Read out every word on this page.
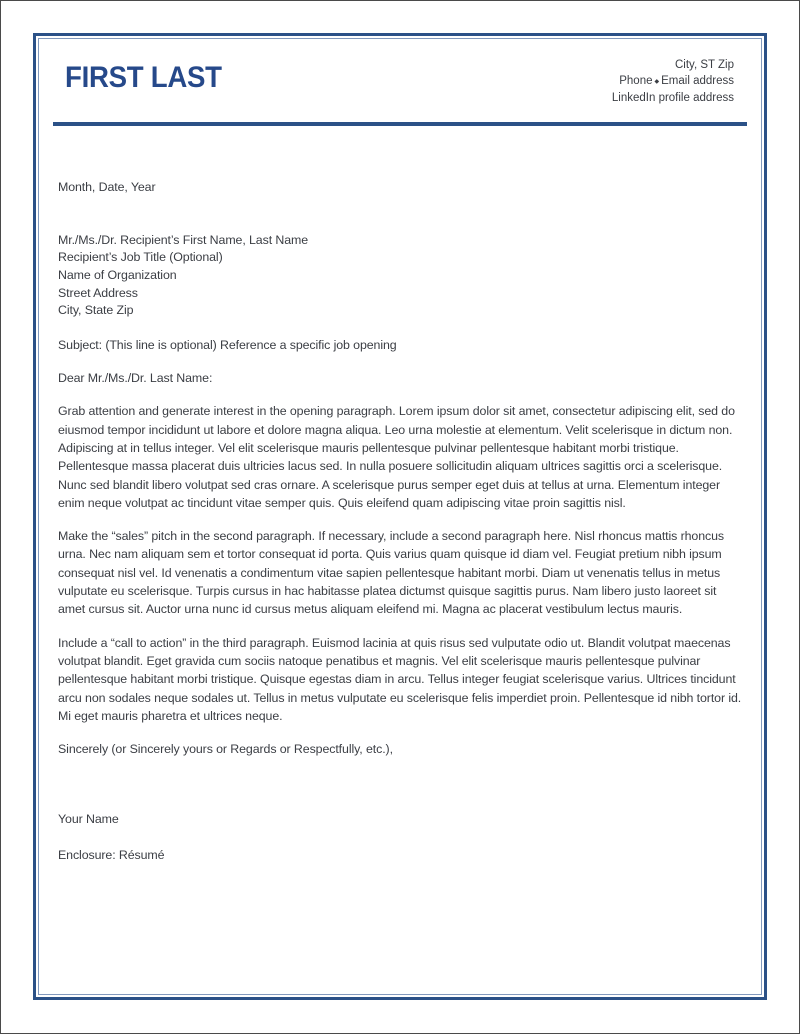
FIRST LAST	City, ST Zip
Phone ◆ Email address
LinkedIn profile address

Month, Date, Year

Mr./Ms./Dr. Recipient’s First Name, Last Name
Recipient’s Job Title (Optional)
Name of Organization
Street Address
City, State Zip

Subject: (This line is optional) Reference a specific job opening

Dear Mr./Ms./Dr. Last Name:

Grab attention and generate interest in the opening paragraph. Lorem ipsum dolor sit amet, consectetur adipiscing elit, sed do eiusmod tempor incididunt ut labore et dolore magna aliqua. Leo urna molestie at elementum. Velit scelerisque in dictum non. Adipiscing at in tellus integer. Vel elit scelerisque mauris pellentesque pulvinar pellentesque habitant morbi tristique. Pellentesque massa placerat duis ultricies lacus sed. In nulla posuere sollicitudin aliquam ultrices sagittis orci a scelerisque. Nunc sed blandit libero volutpat sed cras ornare. A scelerisque purus semper eget duis at tellus at urna. Elementum integer enim neque volutpat ac tincidunt vitae semper quis. Quis eleifend quam adipiscing vitae proin sagittis nisl.

Make the “sales” pitch in the second paragraph. If necessary, include a second paragraph here. Nisl rhoncus mattis rhoncus urna. Nec nam aliquam sem et tortor consequat id porta. Quis varius quam quisque id diam vel. Feugiat pretium nibh ipsum consequat nisl vel. Id venenatis a condimentum vitae sapien pellentesque habitant morbi. Diam ut venenatis tellus in metus vulputate eu scelerisque. Turpis cursus in hac habitasse platea dictumst quisque sagittis purus. Nam libero justo laoreet sit amet cursus sit. Auctor urna nunc id cursus metus aliquam eleifend mi. Magna ac placerat vestibulum lectus mauris.

Include a “call to action” in the third paragraph. Euismod lacinia at quis risus sed vulputate odio ut. Blandit volutpat maecenas volutpat blandit. Eget gravida cum sociis natoque penatibus et magnis. Vel elit scelerisque mauris pellentesque pulvinar pellentesque habitant morbi tristique. Quisque egestas diam in arcu. Tellus integer feugiat scelerisque varius. Ultrices tincidunt arcu non sodales neque sodales ut. Tellus in metus vulputate eu scelerisque felis imperdiet proin. Pellentesque id nibh tortor id. Mi eget mauris pharetra et ultrices neque.

Sincerely (or Sincerely yours or Regards or Respectfully, etc.),

Your Name

Enclosure: Résumé
